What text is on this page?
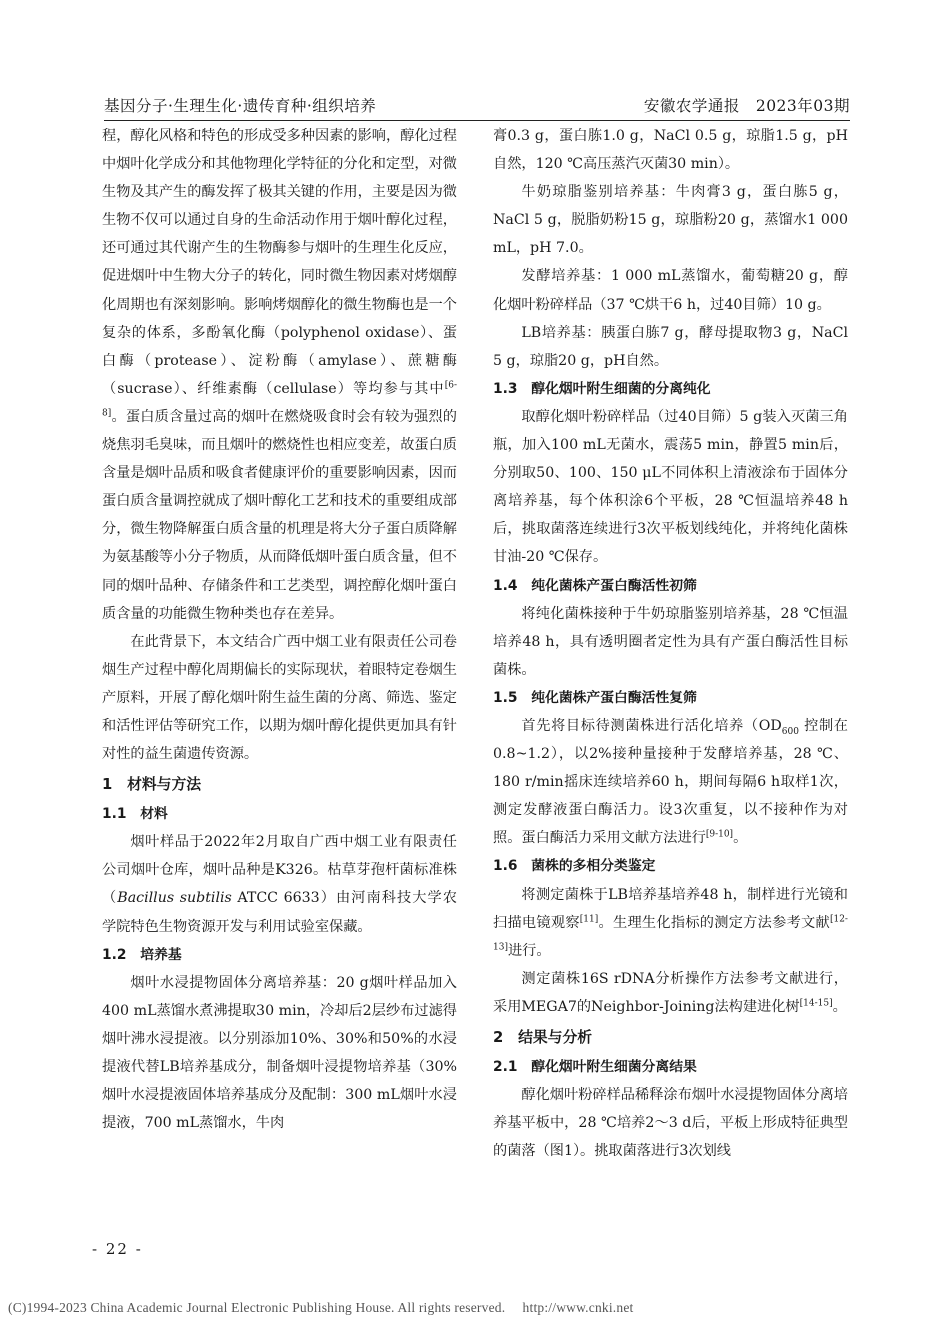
基因分子·生理生化·遗传育种·组织培养	安徽农学通报　2023年03期

程，醇化风格和特色的形成受多种因素的影响，醇化过程中烟叶化学成分和其他物理化学特征的分化和定型，对微生物及其产生的酶发挥了极其关键的作用，主要是因为微生物不仅可以通过自身的生命活动作用于烟叶醇化过程，还可通过其代谢产生的生物酶参与烟叶的生理生化反应，促进烟叶中生物大分子的转化，同时微生物因素对烤烟醇化周期也有深刻影响。影响烤烟醇化的微生物酶也是一个复杂的体系，多酚氧化酶（polyphenol oxidase）、蛋白酶（protease）、淀粉酶（amylase）、蔗糖酶（sucrase）、纤维素酶（cellulase）等均参与其中[6-8]。蛋白质含量过高的烟叶在燃烧吸食时会有较为强烈的烧焦羽毛臭味，而且烟叶的燃烧性也相应变差，故蛋白质含量是烟叶品质和吸食者健康评价的重要影响因素，因而蛋白质含量调控就成了烟叶醇化工艺和技术的重要组成部分，微生物降解蛋白质含量的机理是将大分子蛋白质降解为氨基酸等小分子物质，从而降低烟叶蛋白质含量，但不同的烟叶品种、存储条件和工艺类型，调控醇化烟叶蛋白质含量的功能微生物种类也存在差异。

在此背景下，本文结合广西中烟工业有限责任公司卷烟生产过程中醇化周期偏长的实际现状，着眼特定卷烟生产原料，开展了醇化烟叶附生益生菌的分离、筛选、鉴定和活性评估等研究工作，以期为烟叶醇化提供更加具有针对性的益生菌遗传资源。

1　材料与方法
1.1　材料

烟叶样品于2022年2月取自广西中烟工业有限责任公司烟叶仓库，烟叶品种是K326。枯草芽孢杆菌标准株（Bacillus subtilis ATCC 6633）由河南科技大学农学院特色生物资源开发与利用试验室保藏。

1.2　培养基

烟叶水浸提物固体分离培养基：20 g烟叶样品加入400 mL蒸馏水煮沸提取30 min，冷却后2层纱布过滤得烟叶沸水浸提液。以分别添加10%、30%和50%的水浸提液代替LB培养基成分，制备烟叶浸提物培养基（30%烟叶水浸提液固体培养基成分及配制：300 mL烟叶水浸提液，700 mL蒸馏水，牛肉

膏0.3 g，蛋白胨1.0 g，NaCl 0.5 g，琼脂1.5 g，pH 自然，120 ℃高压蒸汽灭菌30 min）。

牛奶琼脂鉴别培养基：牛肉膏3 g，蛋白胨5 g，NaCl 5 g，脱脂奶粉15 g，琼脂粉20 g，蒸馏水1 000 mL，pH 7.0。

发酵培养基：1 000 mL蒸馏水，葡萄糖20 g，醇化烟叶粉碎样品（37 ℃烘干6 h，过40目筛）10 g。

LB培养基：胰蛋白胨7 g，酵母提取物3 g，NaCl 5 g，琼脂20 g，pH自然。

1.3　醇化烟叶附生细菌的分离纯化

取醇化烟叶粉碎样品（过40目筛）5 g装入灭菌三角瓶，加入100 mL无菌水，震荡5 min，静置5 min后，分别取50、100、150 μL不同体积上清液涂布于固体分离培养基，每个体积涂6个平板，28 ℃恒温培养48 h后，挑取菌落连续进行3次平板划线纯化，并将纯化菌株甘油-20 ℃保存。

1.4　纯化菌株产蛋白酶活性初筛

将纯化菌株接种于牛奶琼脂鉴别培养基，28 ℃恒温培养48 h，具有透明圈者定性为具有产蛋白酶活性目标菌株。

1.5　纯化菌株产蛋白酶活性复筛

首先将目标待测菌株进行活化培养（$OD_{600}$ 控制在0.8~1.2），以2%接种量接种于发酵培养基，28 ℃、180 r/min摇床连续培养60 h，期间每隔6 h取样1次，测定发酵液蛋白酶活力。设3次重复，以不接种作为对照。蛋白酶活力采用文献方法进行[9-10]。

1.6　菌株的多相分类鉴定

将测定菌株于LB培养基培养48 h，制样进行光镜和扫描电镜观察[11]。生理生化指标的测定方法参考文献[12-13]进行。

测定菌株16S rDNA分析操作方法参考文献进行，采用MEGA7的Neighbor-Joining法构建进化树[14-15]。

2　结果与分析
2.1　醇化烟叶附生细菌分离结果

醇化烟叶粉碎样品稀释涂布烟叶水浸提物固体分离培养基平板中，28 ℃培养2～3 d后，平板上形成特征典型的菌落（图1）。挑取菌落进行3次划线

- 22 -
(C)1994-2023 China Academic Journal Electronic Publishing House. All rights reserved.　 http://www.cnki.net
